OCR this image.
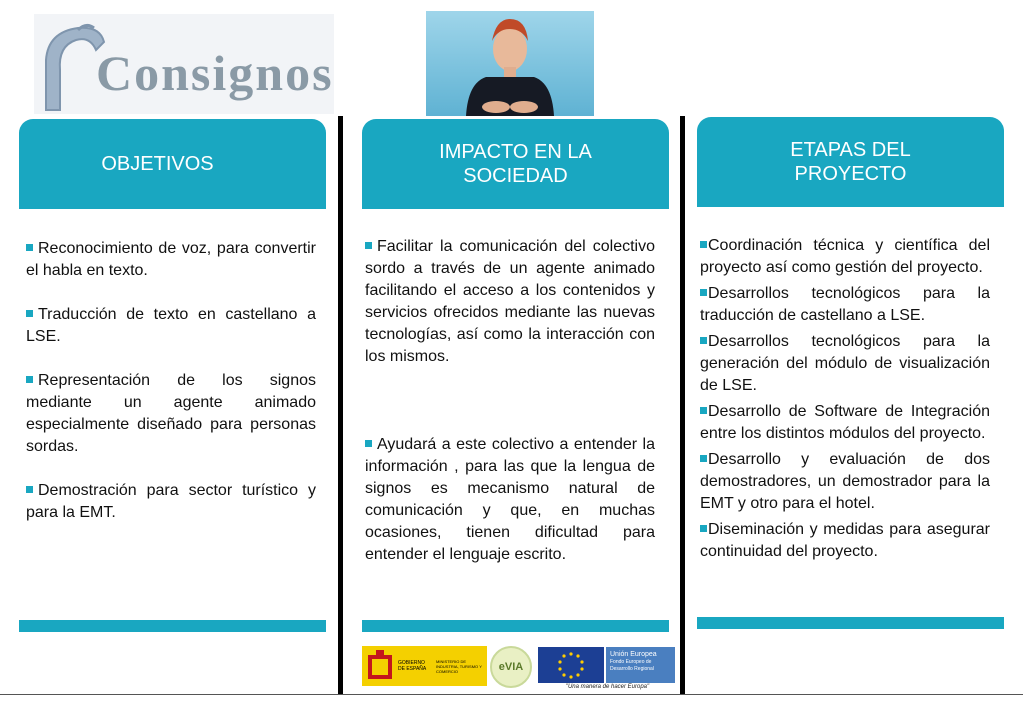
Consignos
OBJETIVOS

Reconocimiento de voz, para convertir el habla en texto.

Traducción de texto en castellano a LSE.

Representación de los signos mediante un agente animado especialmente diseñado para personas sordas.

Demostración para sector turístico y para la EMT.

IMPACTO EN LA
SOCIEDAD

Facilitar la comunicación del colectivo sordo a través de un agente animado facilitando el acceso a los contenidos y servicios ofrecidos mediante las nuevas tecnologías, así como la interacción con los mismos.

Ayudará a este colectivo a entender la información , para las que la lengua de signos es mecanismo natural de comunicación y que, en muchas ocasiones, tienen dificultad para entender el lenguaje escrito.

ETAPAS DEL
PROYECTO

Coordinación técnica y científica del proyecto así como gestión del proyecto.

Desarrollos tecnológicos para la traducción de castellano a LSE.

Desarrollos tecnológicos para la generación del módulo de visualización de LSE.

Desarrollo de Software de Integración entre los distintos módulos del proyecto.

Desarrollo y evaluación de dos demostradores, un demostrador para la EMT y otro para el hotel.

Diseminación y medidas para asegurar continuidad del proyecto.

GOBIERNO DE ESPAÑA
MINISTERIO DE INDUSTRIA, TURISMO Y COMERCIO	eVIA
Unión Europea
Fondo Europeo de Desarrollo Regional
"Una manera de hacer Europa"
